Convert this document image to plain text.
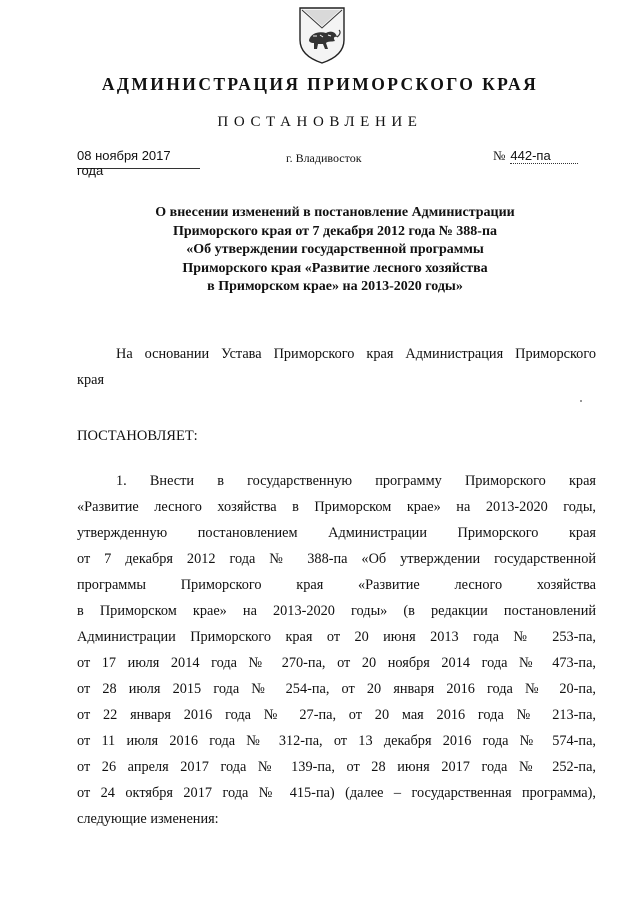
АДМИНИСТРАЦИЯ ПРИМОРСКОГО КРАЯ
ПОСТАНОВЛЕНИЕ
08 ноября 2017 года
г. Владивосток	№ 442-па
О внесении изменений в постановление Администрации
Приморского края от 7 декабря 2012 года № 388-па
«Об утверждении государственной программы
Приморского края «Развитие лесного хозяйства
в Приморском крае» на 2013-2020 годы»
На основании Устава Приморского края Администрация Приморского
края
ПОСТАНОВЛЯЕТ:
1. Внести в государственную программу Приморского края
«Развитие лесного хозяйства в Приморском крае» на 2013-2020 годы,
утвержденную постановлением Администрации Приморского края
от 7 декабря 2012 года № 388-па «Об утверждении государственной
программы Приморского края «Развитие лесного хозяйства
в Приморском крае» на 2013-2020 годы» (в редакции постановлений
Администрации Приморского края от 20 июня 2013 года № 253-па,
от 17 июля 2014 года № 270-па, от 20 ноября 2014 года № 473-па,
от 28 июля 2015 года № 254-па, от 20 января 2016 года № 20-па,
от 22 января 2016 года № 27-па, от 20 мая 2016 года № 213-па,
от 11 июля 2016 года № 312-па, от 13 декабря 2016 года № 574-па,
от 26 апреля 2017 года № 139-па, от 28 июня 2017 года № 252-па,
от 24 октября 2017 года № 415-па) (далее – государственная программа),
следующие изменения:
